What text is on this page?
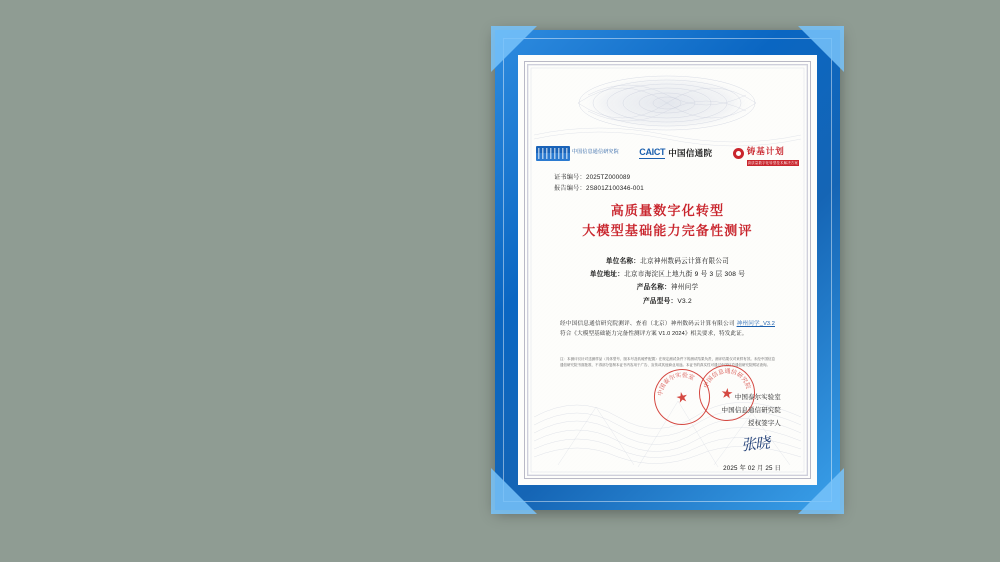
中国信息通信研究院 CAICT 中国信通院	铸基计划
高质量数字化转型技术解决方案
证书编号：2025TZ000089
报告编号：2S801Z100346-001
高质量数字化转型
大模型基础能力完备性测评
单位名称：北京神州数码云计算有限公司
单位地址：北京市海淀区上地九街 9 号 3 层 308 号
产品名称：神州问学
产品型号：V3.2
经中国信息通信研究院测评、查看（北京）神州数码云计算有限公司 神州问学_V3.2 符合《大模型基础能力完备性测评方案 V1.0 2024》相关要求，特发此证。
注：本测评仅针对送测样品（具体型号、版本号及软硬件配置）在规定测试条件下的测试结果负责，测评结果仅对来样有效。未经中国信息通信研究院书面批准，不得部分复制本证书内容用于广告、宣传或其他商业用途。本证书的真实性可通过中国信息通信研究院网站查询。
中国泰尔实验室
★
中国信息通信研究院
★ 中国泰尔实验室
中国信息通信研究院
授权签字人
张晓
2025 年 02 月 25 日
